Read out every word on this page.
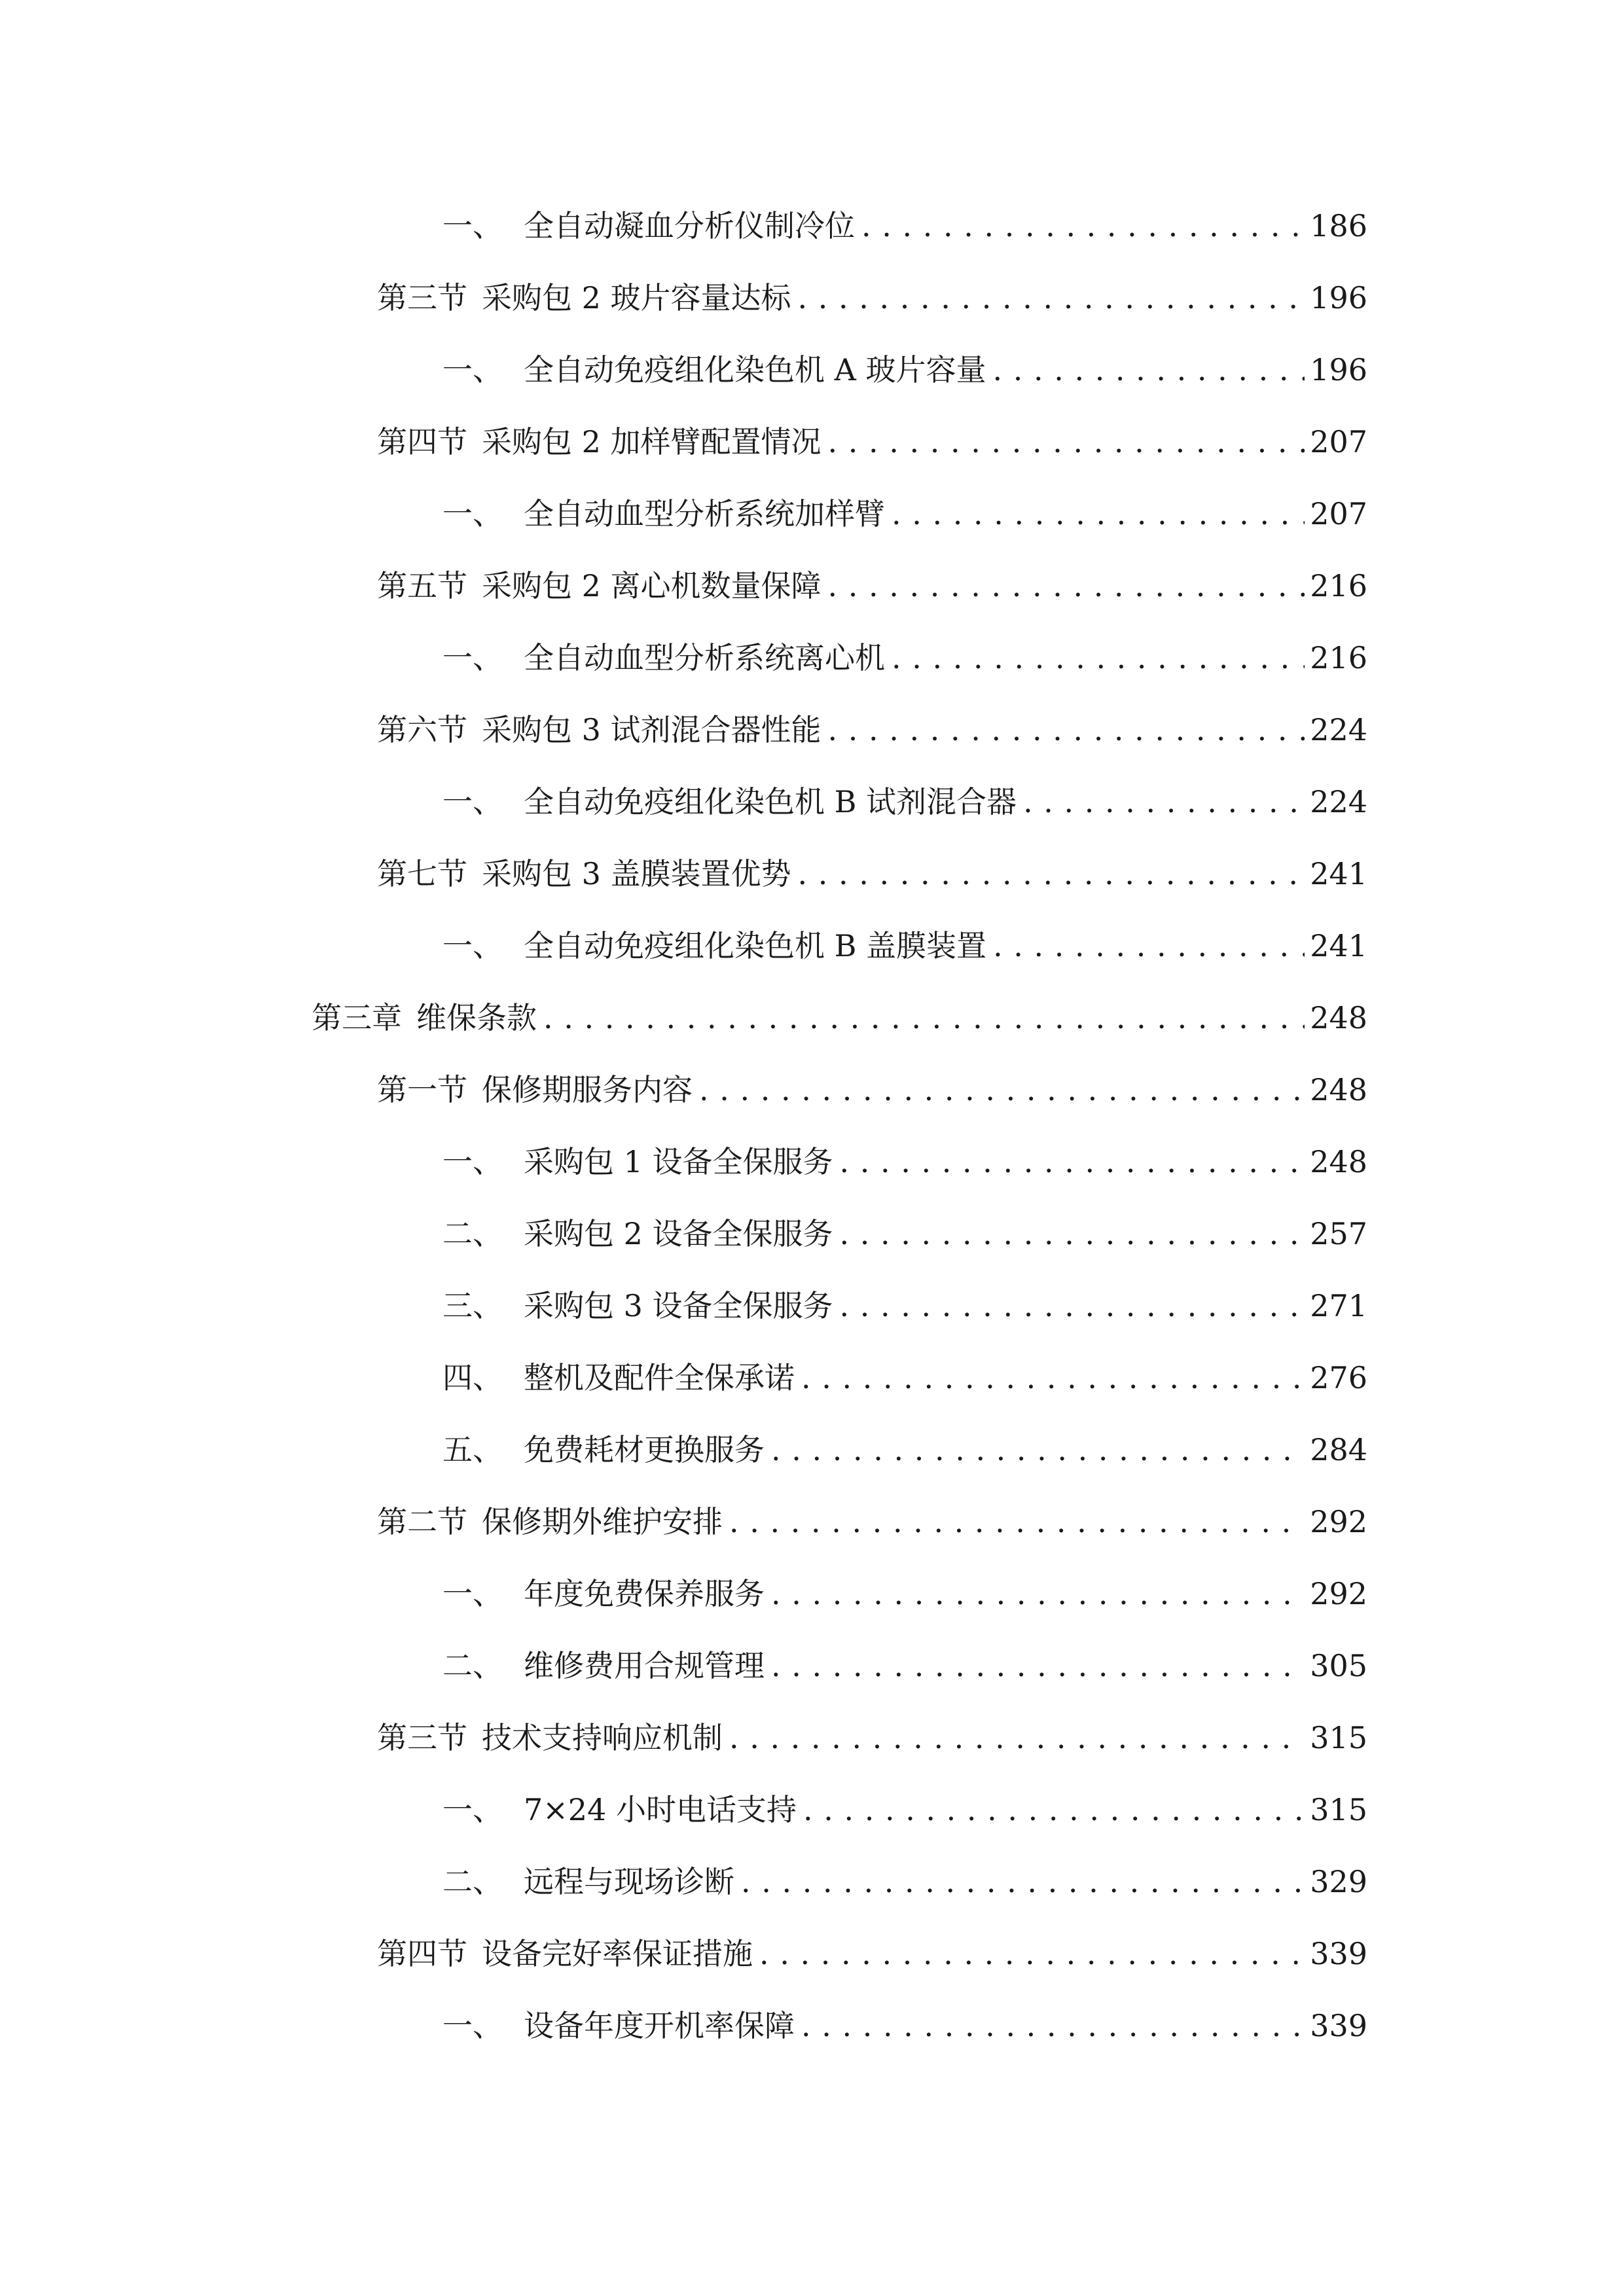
一、 全自动凝血分析仪制冷位 . . .	186
第三节 采购包 2 玻片容量达标 . . .	196
一、 全自动免疫组化染色机 A 玻片容量 . . .	196
第四节 采购包 2 加样臂配置情况 . . .	207
一、 全自动血型分析系统加样臂 . . .	207
第五节 采购包 2 离心机数量保障 . . .	216
一、 全自动血型分析系统离心机 . . .	216
第六节 采购包 3 试剂混合器性能 . . .	224
一、 全自动免疫组化染色机 B 试剂混合器 . . .	224
第七节 采购包 3 盖膜装置优势 . . .	241
一、 全自动免疫组化染色机 B 盖膜装置 . . .	241
第三章 维保条款 . . .	248
第一节 保修期服务内容 . . .	248
一、 采购包 1 设备全保服务 . . .	248
二、 采购包 2 设备全保服务 . . .	257
三、 采购包 3 设备全保服务 . . .	271
四、 整机及配件全保承诺 . . .	276
五、 免费耗材更换服务 . . .	284
第二节 保修期外维护安排 . . .	292
一、 年度免费保养服务 . . .	292
二、 维修费用合规管理 . . .	305
第三节 技术支持响应机制 . . .	315
一、 7×24 小时电话支持 . . .	315
二、 远程与现场诊断 . . .	329
第四节 设备完好率保证措施 . . .	339
一、 设备年度开机率保障 . . .	339
